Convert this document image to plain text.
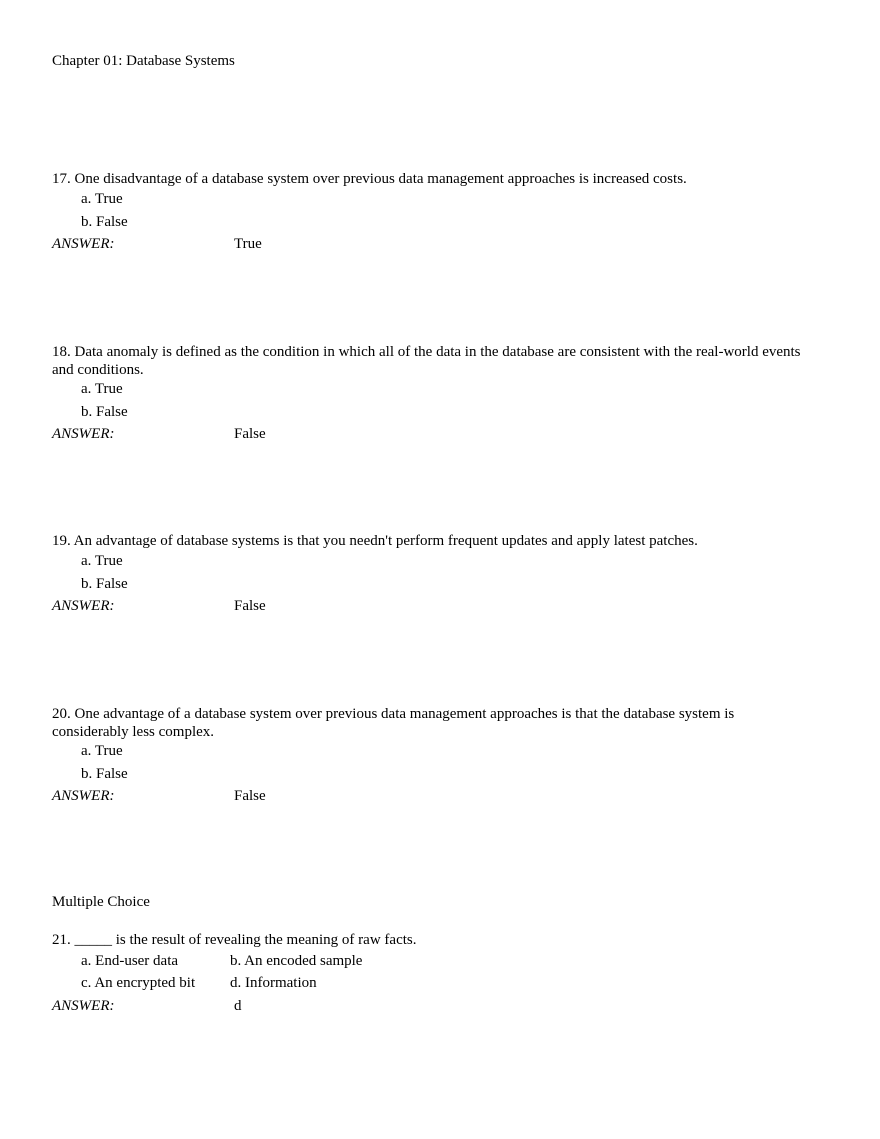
Chapter 01: Database Systems
17. One disadvantage of a database system over previous data management approaches is increased costs.
a. True
b. False
ANSWER:	True
18. Data anomaly is defined as the condition in which all of the data in the database are consistent with the real-world events and conditions.
a. True
b. False
ANSWER:	False
19. An advantage of database systems is that you needn't perform frequent updates and apply latest patches.
a. True
b. False
ANSWER:	False
20. One advantage of a database system over previous data management approaches is that the database system is considerably less complex.
a. True
b. False
ANSWER:	False
Multiple Choice
21. _____ is the result of revealing the meaning of raw facts.
a. End-user data	b. An encoded sample
c. An encrypted bit d. Information
ANSWER:	d
